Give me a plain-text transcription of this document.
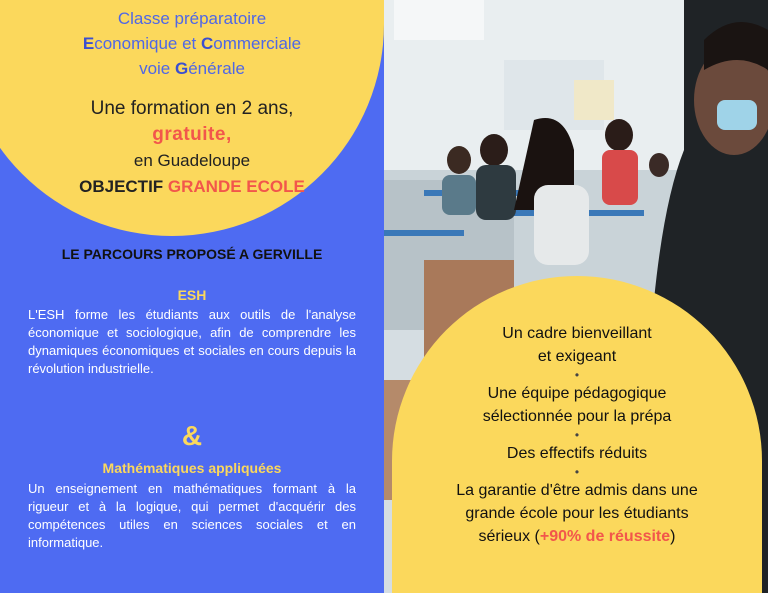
Classe préparatoire
Economique et Commerciale
voie Générale
Une formation en 2 ans,
gratuite,
en Guadeloupe
OBJECTIF GRANDE ECOLE
LE PARCOURS PROPOSÉ A GERVILLE
ESH
L'ESH forme les étudiants aux outils de l'analyse économique et sociologique, afin de comprendre les dynamiques économiques et sociales en cours depuis la révolution industrielle.
&
Mathématiques appliquées
Un enseignement en mathématiques formant à la rigueur et à la logique, qui permet d'acquérir des compétences utiles en sciences sociales et en informatique.
Un cadre bienveillant
et exigeant
•
Une équipe pédagogique
sélectionnée pour la prépa
•
Des effectifs réduits
•
La garantie d'être admis dans une
grande école pour les étudiants
sérieux (+90% de réussite)
